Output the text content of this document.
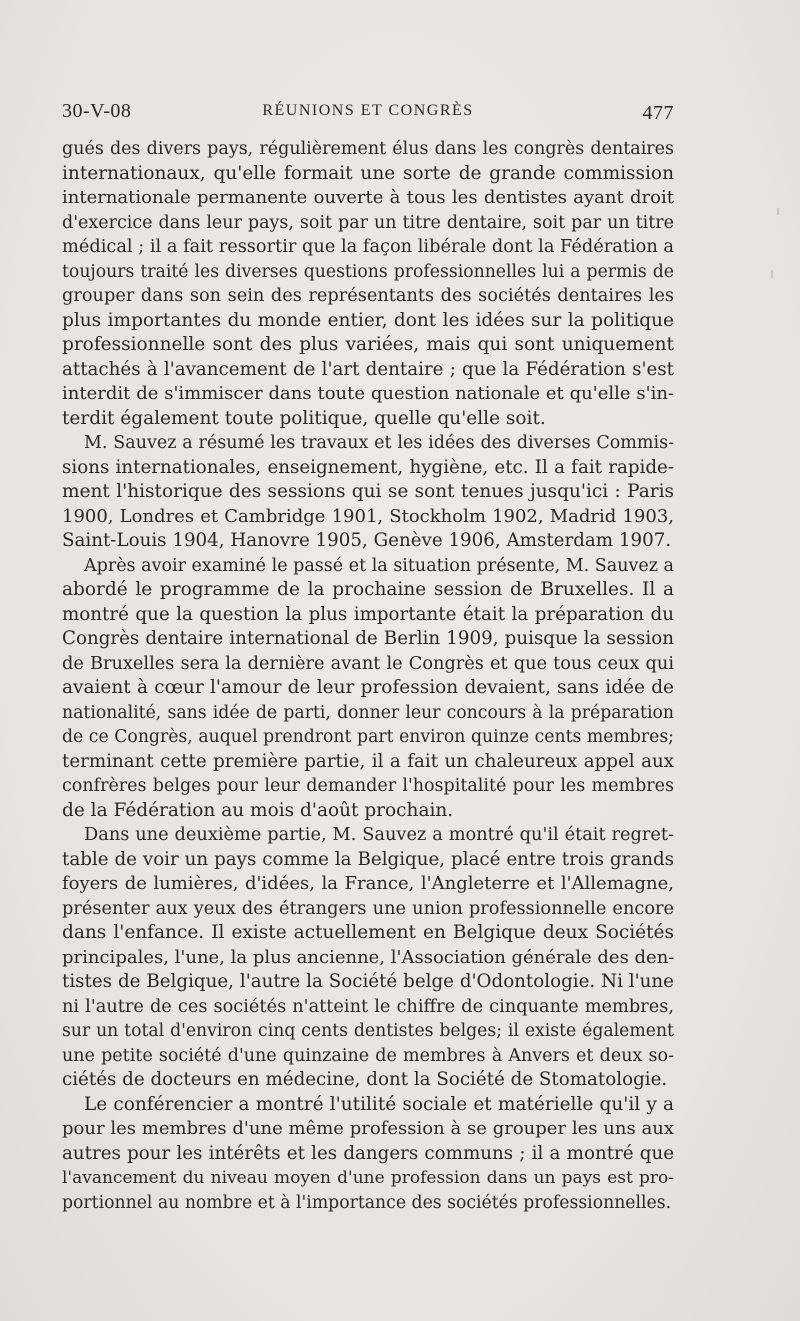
30-V-08	RÉUNIONS ET CONGRÈS	477
gués des divers pays, régulièrement élus dans les congrès dentaires
internationaux, qu'elle formait une sorte de grande commission
internationale permanente ouverte à tous les dentistes ayant droit
d'exercice dans leur pays, soit par un titre dentaire, soit par un titre
médical ; il a fait ressortir que la façon libérale dont la Fédération a
toujours traité les diverses questions professionnelles lui a permis de
grouper dans son sein des représentants des sociétés dentaires les
plus importantes du monde entier, dont les idées sur la politique
professionnelle sont des plus variées, mais qui sont uniquement
attachés à l'avancement de l'art dentaire ; que la Fédération s'est
interdit de s'immiscer dans toute question nationale et qu'elle s'in-
terdit également toute politique, quelle qu'elle soit.
M. Sauvez a résumé les travaux et les idées des diverses Commis-
sions internationales, enseignement, hygiène, etc. Il a fait rapide-
ment l'historique des sessions qui se sont tenues jusqu'ici : Paris
1900, Londres et Cambridge 1901, Stockholm 1902, Madrid 1903,
Saint-Louis 1904, Hanovre 1905, Genève 1906, Amsterdam 1907.
Après avoir examiné le passé et la situation présente, M. Sauvez a
abordé le programme de la prochaine session de Bruxelles. Il a
montré que la question la plus importante était la préparation du
Congrès dentaire international de Berlin 1909, puisque la session
de Bruxelles sera la dernière avant le Congrès et que tous ceux qui
avaient à cœur l'amour de leur profession devaient, sans idée de
nationalité, sans idée de parti, donner leur concours à la préparation
de ce Congrès, auquel prendront part environ quinze cents membres;
terminant cette première partie, il a fait un chaleureux appel aux
confrères belges pour leur demander l'hospitalité pour les membres
de la Fédération au mois d'août prochain.
Dans une deuxième partie, M. Sauvez a montré qu'il était regret-
table de voir un pays comme la Belgique, placé entre trois grands
foyers de lumières, d'idées, la France, l'Angleterre et l'Allemagne,
présenter aux yeux des étrangers une union professionnelle encore
dans l'enfance. Il existe actuellement en Belgique deux Sociétés
principales, l'une, la plus ancienne, l'Association générale des den-
tistes de Belgique, l'autre la Société belge d'Odontologie. Ni l'une
ni l'autre de ces sociétés n'atteint le chiffre de cinquante membres,
sur un total d'environ cinq cents dentistes belges; il existe également
une petite société d'une quinzaine de membres à Anvers et deux so-
ciétés de docteurs en médecine, dont la Société de Stomatologie.
Le conférencier a montré l'utilité sociale et matérielle qu'il y a
pour les membres d'une même profession à se grouper les uns aux
autres pour les intérêts et les dangers communs ; il a montré que
l'avancement du niveau moyen d'une profession dans un pays est pro-
portionnel au nombre et à l'importance des sociétés professionnelles.
